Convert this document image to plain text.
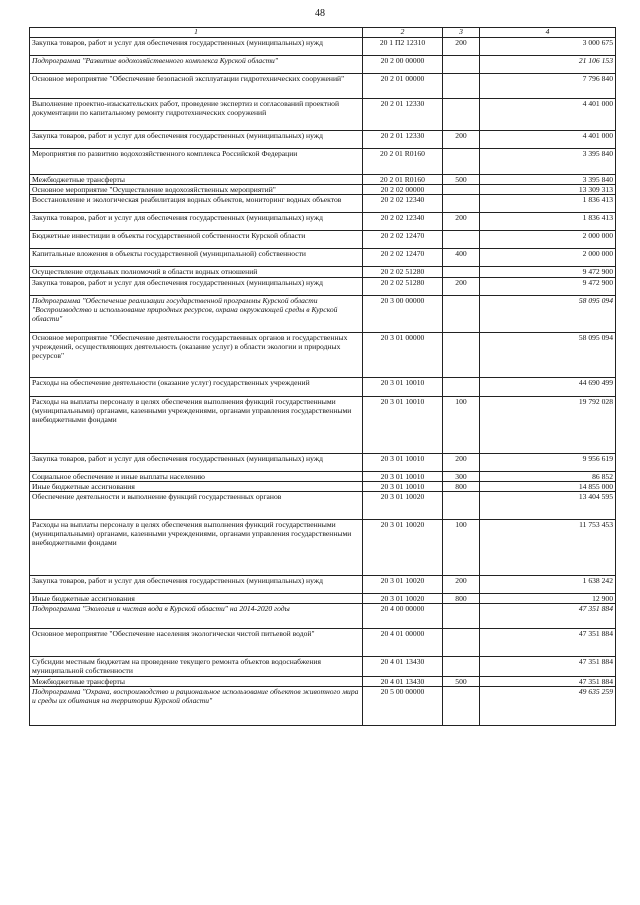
48
1	2	3	4
Закупка товаров, работ и услуг для обеспечения государственных (муниципальных) нужд	20 1 П2 12310	200	3 000 675
Подпрограмма "Развитие водохозяйственного комплекса Курской области"	20 2 00 00000		21 106 153
Основное мероприятие "Обеспечение безопасной эксплуатации гидротехнических сооружений"	20 2 01 00000		7 796 840
Выполнение проектно-изыскательских работ, проведение экспертиз и согласований проектной документации по капитальному ремонту гидротехнических сооружений	20 2 01 12330		4 401 000
Закупка товаров, работ и услуг для обеспечения государственных (муниципальных) нужд	20 2 01 12330	200	4 401 000
Мероприятия по развитию водохозяйственного комплекса Российской Федерации	20 2 01 R0160		3 395 840
Межбюджетные трансферты	20 2 01 R0160	500	3 395 840
Основное мероприятие "Осуществление водохозяйственных мероприятий"	20 2 02 00000		13 309 313
Восстановление и экологическая реабилитация водных объектов, мониторинг водных объектов	20 2 02 12340		1 836 413
Закупка товаров, работ и услуг для обеспечения государственных (муниципальных) нужд	20 2 02 12340	200	1 836 413
Бюджетные инвестиции в объекты государственной собственности Курской области	20 2 02 12470		2 000 000
Капитальные вложения в объекты государственной (муниципальной) собственности	20 2 02 12470	400	2 000 000
Осуществление отдельных полномочий в области водных отношений	20 2 02 51280		9 472 900
Закупка товаров, работ и услуг для обеспечения государственных (муниципальных) нужд	20 2 02 51280	200	9 472 900
Подпрограмма "Обеспечение реализации государственной программы Курской области "Воспроизводство и использование природных ресурсов, охрана окружающей среды в Курской области"	20 3 00 00000		58 095 094
Основное мероприятие "Обеспечение деятельности государственных органов и государственных учреждений, осуществляющих деятельность (оказание услуг) в области экологии и природных ресурсов"	20 3 01 00000		58 095 094
Расходы на обеспечение деятельности (оказание услуг) государственных учреждений	20 3 01 10010		44 690 499
Расходы на выплаты персоналу в целях обеспечения выполнения функций государственными (муниципальными) органами, казенными учреждениями, органами управления государственными внебюджетными фондами	20 3 01 10010	100	19 792 028
Закупка товаров, работ и услуг для обеспечения государственных (муниципальных) нужд	20 3 01 10010	200	9 956 619
Социальное обеспечение и иные выплаты населению	20 3 01 10010	300	86 852
Иные бюджетные ассигнования	20 3 01 10010	800	14 855 000
Обеспечение деятельности и выполнение функций государственных органов	20 3 01 10020		13 404 595
Расходы на выплаты персоналу в целях обеспечения выполнения функций государственными (муниципальными) органами, казенными учреждениями, органами управления государственными внебюджетными фондами	20 3 01 10020	100	11 753 453
Закупка товаров, работ и услуг для обеспечения государственных (муниципальных) нужд	20 3 01 10020	200	1 638 242
Иные бюджетные ассигнования	20 3 01 10020	800	12 900
Подпрограмма "Экология и чистая вода в Курской области" на 2014-2020 годы	20 4 00 00000		47 351 884
Основное мероприятие "Обеспечение населения экологически чистой питьевой водой"	20 4 01 00000		47 351 884
Субсидии местным бюджетам на проведение текущего ремонта объектов водоснабжения муниципальной собственности	20 4 01 13430		47 351 884
Межбюджетные трансферты	20 4 01 13430	500	47 351 884
Подпрограмма "Охрана, воспроизводство и рациональное использование объектов животного мира и среды их обитания на территории Курской области"	20 5 00 00000		49 635 259
